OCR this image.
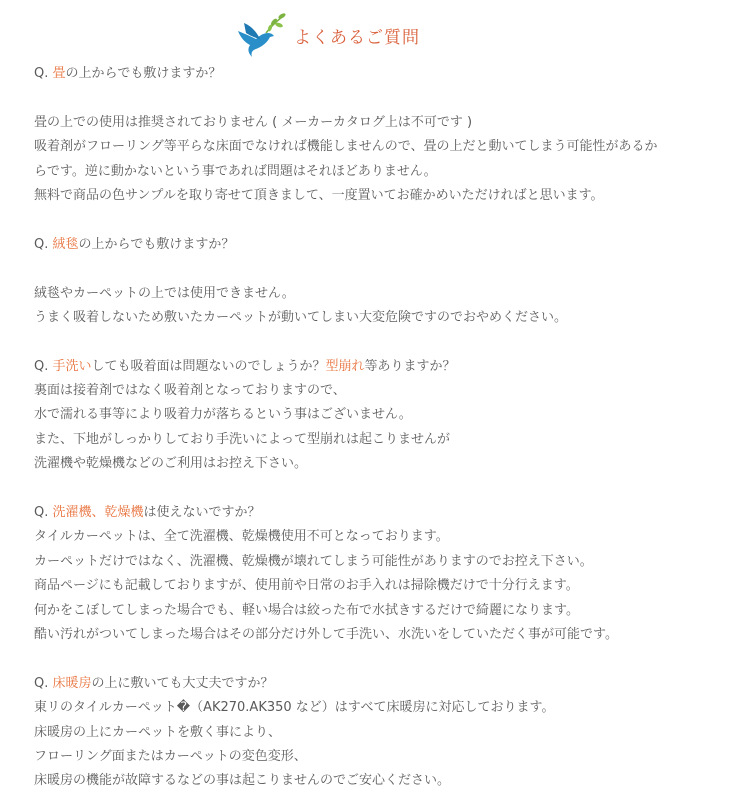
よくあるご質問
Q. 畳の上からでも敷けますか？
畳の上での使用は推奨されておりません ( メーカーカタログ上は不可です )
吸着剤がフローリング等平らな床面でなければ機能しませんので、畳の上だと動いてしまう可能性があるか
らです。逆に動かないという事であれば問題はそれほどありません。
無料で商品の色サンプルを取り寄せて頂きまして、一度置いてお確かめいただければと思います。
Q. 絨毯の上からでも敷けますか？
絨毯やカーペットの上では使用できません。
うまく吸着しないため敷いたカーペットが動いてしまい大変危険ですのでおやめください。
Q. 手洗いしても吸着面は問題ないのでしょうか？型崩れ等ありますか？
裏面は接着剤ではなく吸着剤となっておりますので、
水で濡れる事等により吸着力が落ちるという事はございません。
また、下地がしっかりしており手洗いによって型崩れは起こりませんが
洗濯機や乾燥機などのご利用はお控え下さい。
Q. 洗濯機、乾燥機は使えないですか？
タイルカーペットは、全て洗濯機、乾燥機使用不可となっております。
カーペットだけではなく、洗濯機、乾燥機が壊れてしまう可能性がありますのでお控え下さい。
商品ページにも記載しておりますが、使用前や日常のお手入れは掃除機だけで十分行えます。
何かをこぼしてしまった場合でも、軽い場合は絞った布で水拭きするだけで綺麗になります。
酷い汚れがついてしまった場合はその部分だけ外して手洗い、水洗いをしていただく事が可能です。
Q. 床暖房の上に敷いても大丈夫ですか？
東リのタイルカーペット�（AK270.AK350 など）はすべて床暖房に対応しております。
床暖房の上にカーペットを敷く事により、
フローリング面またはカーペットの変色変形、
床暖房の機能が故障するなどの事は起こりませんのでご安心ください。
